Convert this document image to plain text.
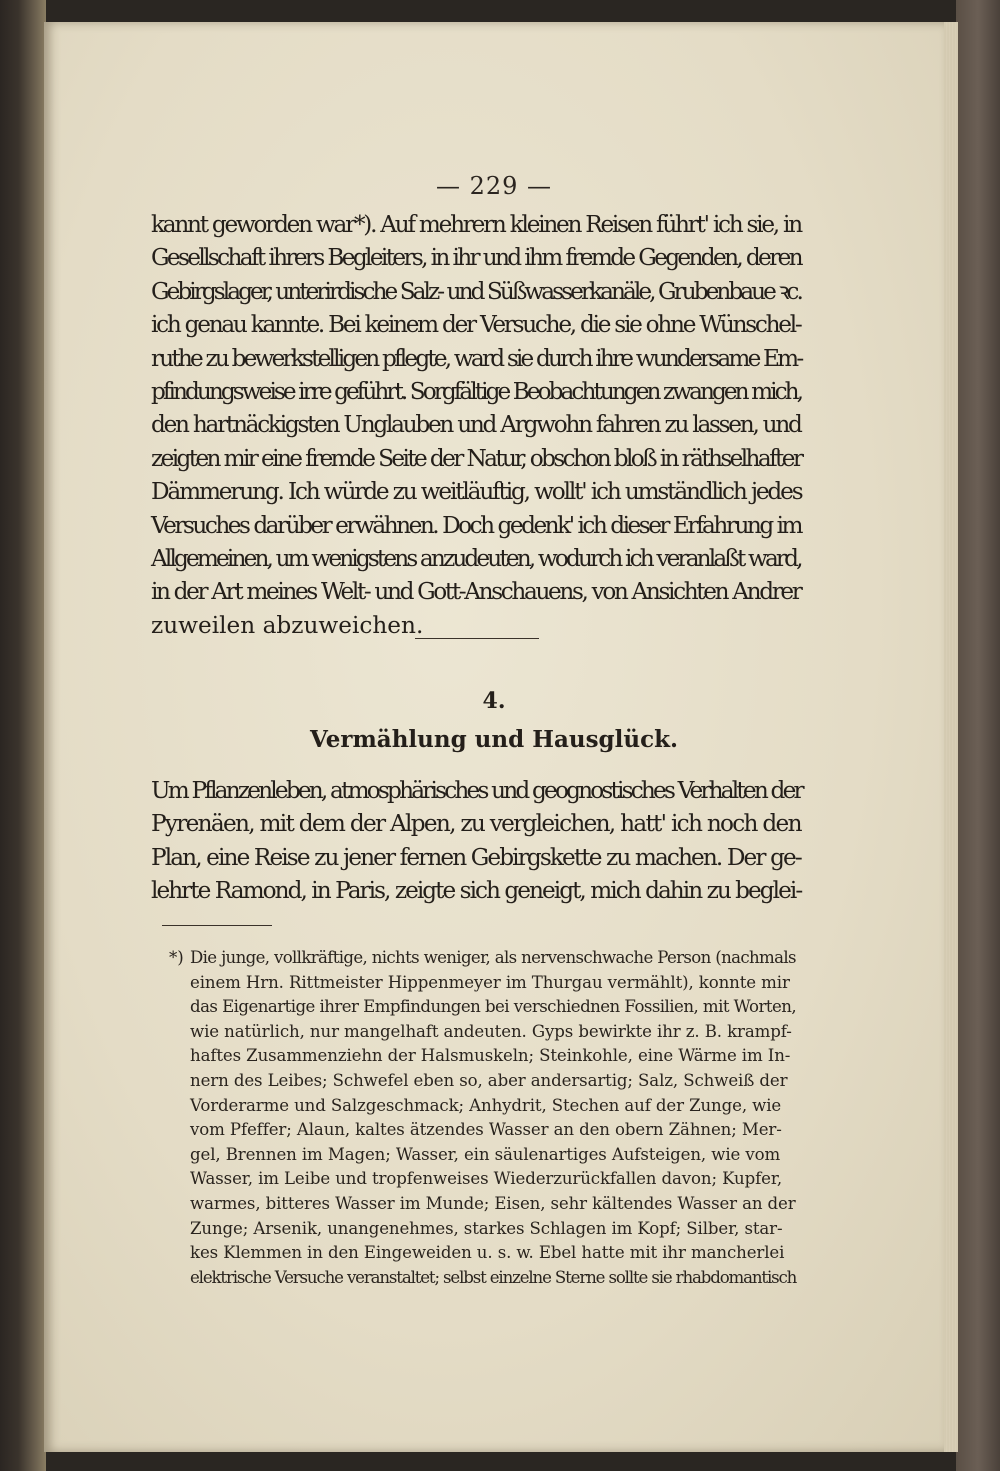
— 229 —
kannt geworden war*). Auf mehrern kleinen Reisen führt' ich sie, in
Gesellschaft ihrers Begleiters, in ihr und ihm fremde Gegenden, deren
Gebirgslager, unterirdische Salz- und Süßwasserkanäle, Grubenbaue ꝛc.
ich genau kannte. Bei keinem der Versuche, die sie ohne Wünschel-
ruthe zu bewerkstelligen pflegte, ward sie durch ihre wundersame Em-
pfindungsweise irre geführt. Sorgfältige Beobachtungen zwangen mich,
den hartnäckigsten Unglauben und Argwohn fahren zu lassen, und
zeigten mir eine fremde Seite der Natur, obschon bloß in räthselhafter
Dämmerung. Ich würde zu weitläuftig, wollt' ich umständlich jedes
Versuches darüber erwähnen. Doch gedenk' ich dieser Erfahrung im
Allgemeinen, um wenigstens anzudeuten, wodurch ich veranlaßt ward,
in der Art meines Welt- und Gott-Anschauens, von Ansichten Andrer
zuweilen abzuweichen.
4.
Vermählung und Hausglück.
Um Pflanzenleben, atmosphärisches und geognostisches Verhalten der
Pyrenäen, mit dem der Alpen, zu vergleichen, hatt' ich noch den
Plan, eine Reise zu jener fernen Gebirgskette zu machen. Der ge-
lehrte Ramond, in Paris, zeigte sich geneigt, mich dahin zu beglei-
*) Die junge, vollkräftige, nichts weniger, als nervenschwache Person (nachmals
einem Hrn. Rittmeister Hippenmeyer im Thurgau vermählt), konnte mir
das Eigenartige ihrer Empfindungen bei verschiednen Fossilien, mit Worten,
wie natürlich, nur mangelhaft andeuten. Gyps bewirkte ihr z. B. krampf-
haftes Zusammenziehn der Halsmuskeln; Steinkohle, eine Wärme im In-
nern des Leibes; Schwefel eben so, aber andersartig; Salz, Schweiß der
Vorderarme und Salzgeschmack; Anhydrit, Stechen auf der Zunge, wie
vom Pfeffer; Alaun, kaltes ätzendes Wasser an den obern Zähnen; Mer-
gel, Brennen im Magen; Wasser, ein säulenartiges Aufsteigen, wie vom
Wasser, im Leibe und tropfenweises Wiederzurückfallen davon; Kupfer,
warmes, bitteres Wasser im Munde; Eisen, sehr kältendes Wasser an der
Zunge; Arsenik, unangenehmes, starkes Schlagen im Kopf; Silber, star-
kes Klemmen in den Eingeweiden u. s. w. Ebel hatte mit ihr mancherlei
elektrische Versuche veranstaltet; selbst einzelne Sterne sollte sie rhabdomantisch
